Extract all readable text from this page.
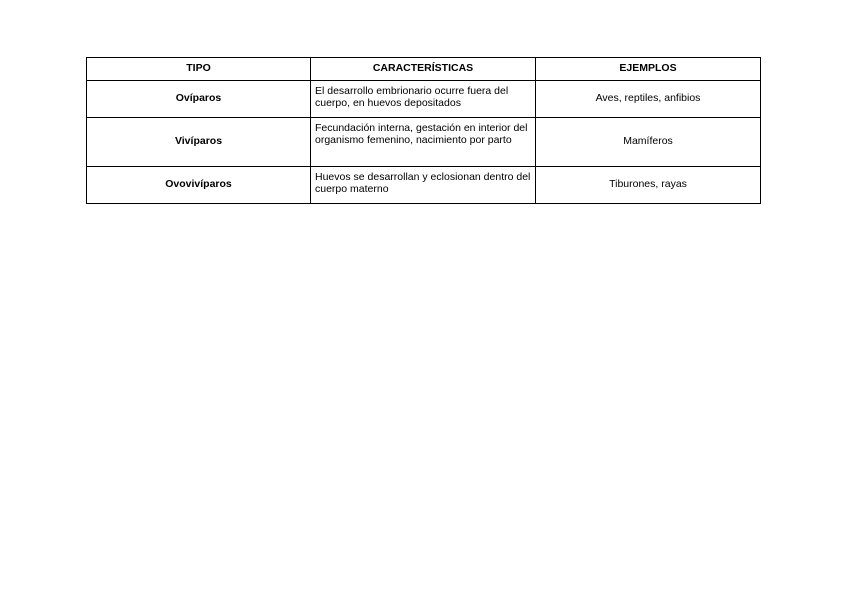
TIPO	CARACTERÍSTICAS	EJEMPLOS
Ovíparos	El desarrollo embrionario ocurre fuera del cuerpo, en huevos depositados	Aves, reptiles, anfibios
Vivíparos	Fecundación interna, gestación en interior del organismo femenino, nacimiento por parto	Mamíferos
Ovovivíparos	Huevos se desarrollan y eclosionan dentro del cuerpo materno	Tiburones, rayas
